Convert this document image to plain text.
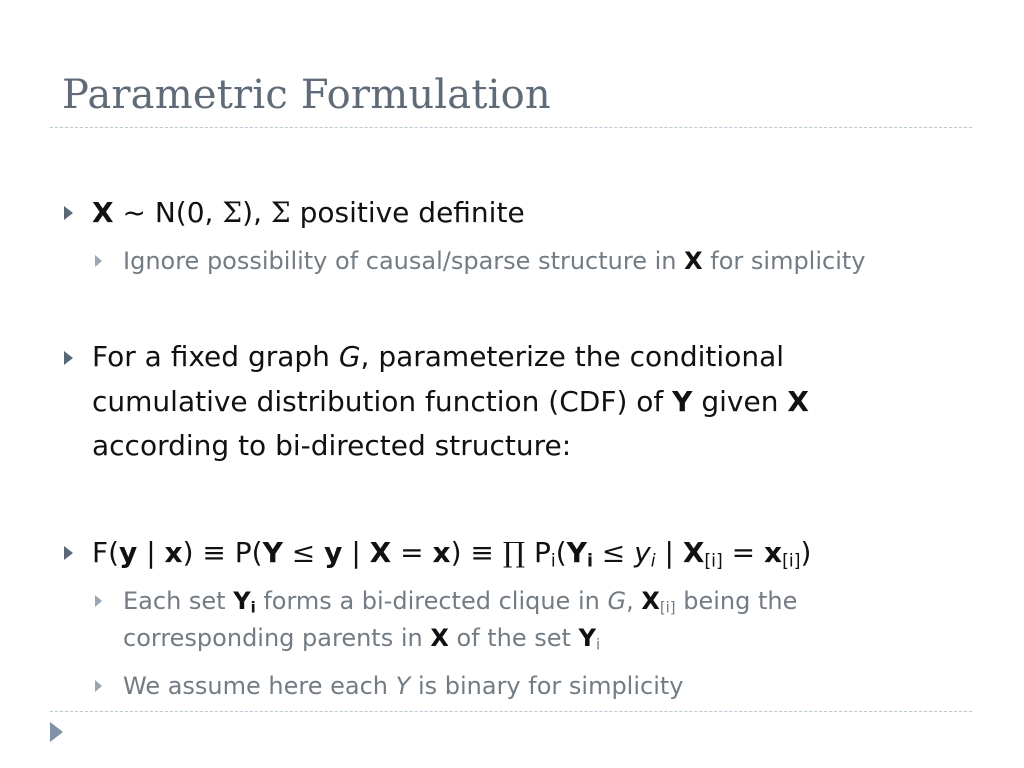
Parametric Formulation
X ~ N(0, Σ), Σ positive definite
Ignore possibility of causal/sparse structure in X for simplicity
For a fixed graph G, parameterize the conditional
cumulative distribution function (CDF) of Y given X
according to bi-directed structure:
F(y | x) ≡ P(Y ≤ y | X = x) ≡ ∏ $P_i(Y_i \le y_i$ | $X_{[i]} = x_{[i]}$)
Each set $Y_i$ forms a bi-directed clique in G, $X_{[i]}$ being the
corresponding parents in X of the set $Y_i$
We assume here each Y is binary for simplicity
